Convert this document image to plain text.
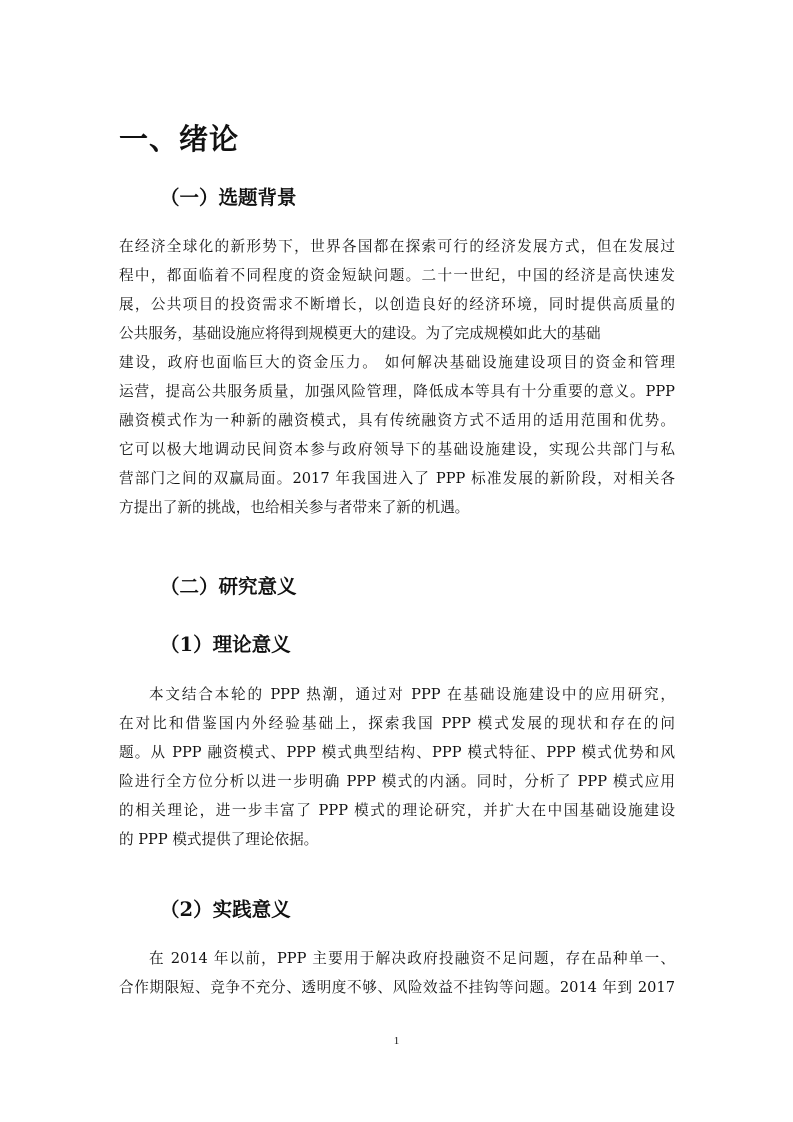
一、绪论
（一）选题背景
在经济全球化的新形势下，世界各国都在探索可行的经济发展方式，但在发展过
程中，都面临着不同程度的资金短缺问题。二十一世纪，中国的经济是高快速发
展，公共项目的投资需求不断增长，以创造良好的经济环境，同时提供高质量的
公共服务，基础设施应将得到规模更大的建设。为了完成规模如此大的基础
建设，政府也面临巨大的资金压力。 如何解决基础设施建设项目的资金和管理
运营，提高公共服务质量，加强风险管理，降低成本等具有十分重要的意义。PPP
融资模式作为一种新的融资模式，具有传统融资方式不适用的适用范围和优势。
它可以极大地调动民间资本参与政府领导下的基础设施建设，实现公共部门与私
营部门之间的双赢局面。2017 年我国进入了 PPP 标准发展的新阶段，对相关各
方提出了新的挑战，也给相关参与者带来了新的机遇。
（二）研究意义
（1）理论意义
本文结合本轮的 PPP 热潮，通过对 PPP 在基础设施建设中的应用研究，
在对比和借鉴国内外经验基础上，探索我国 PPP 模式发展的现状和存在的问
题。从 PPP 融资模式、PPP 模式典型结构、PPP 模式特征、PPP 模式优势和风
险进行全方位分析以进一步明确 PPP 模式的内涵。同时，分析了 PPP 模式应用
的相关理论，进一步丰富了 PPP 模式的理论研究，并扩大在中国基础设施建设
的 PPP 模式提供了理论依据。
（2）实践意义
在 2014 年以前，PPP 主要用于解决政府投融资不足问题，存在品种单一、
合作期限短、竞争不充分、透明度不够、风险效益不挂钩等问题。2014 年到 2017
1
